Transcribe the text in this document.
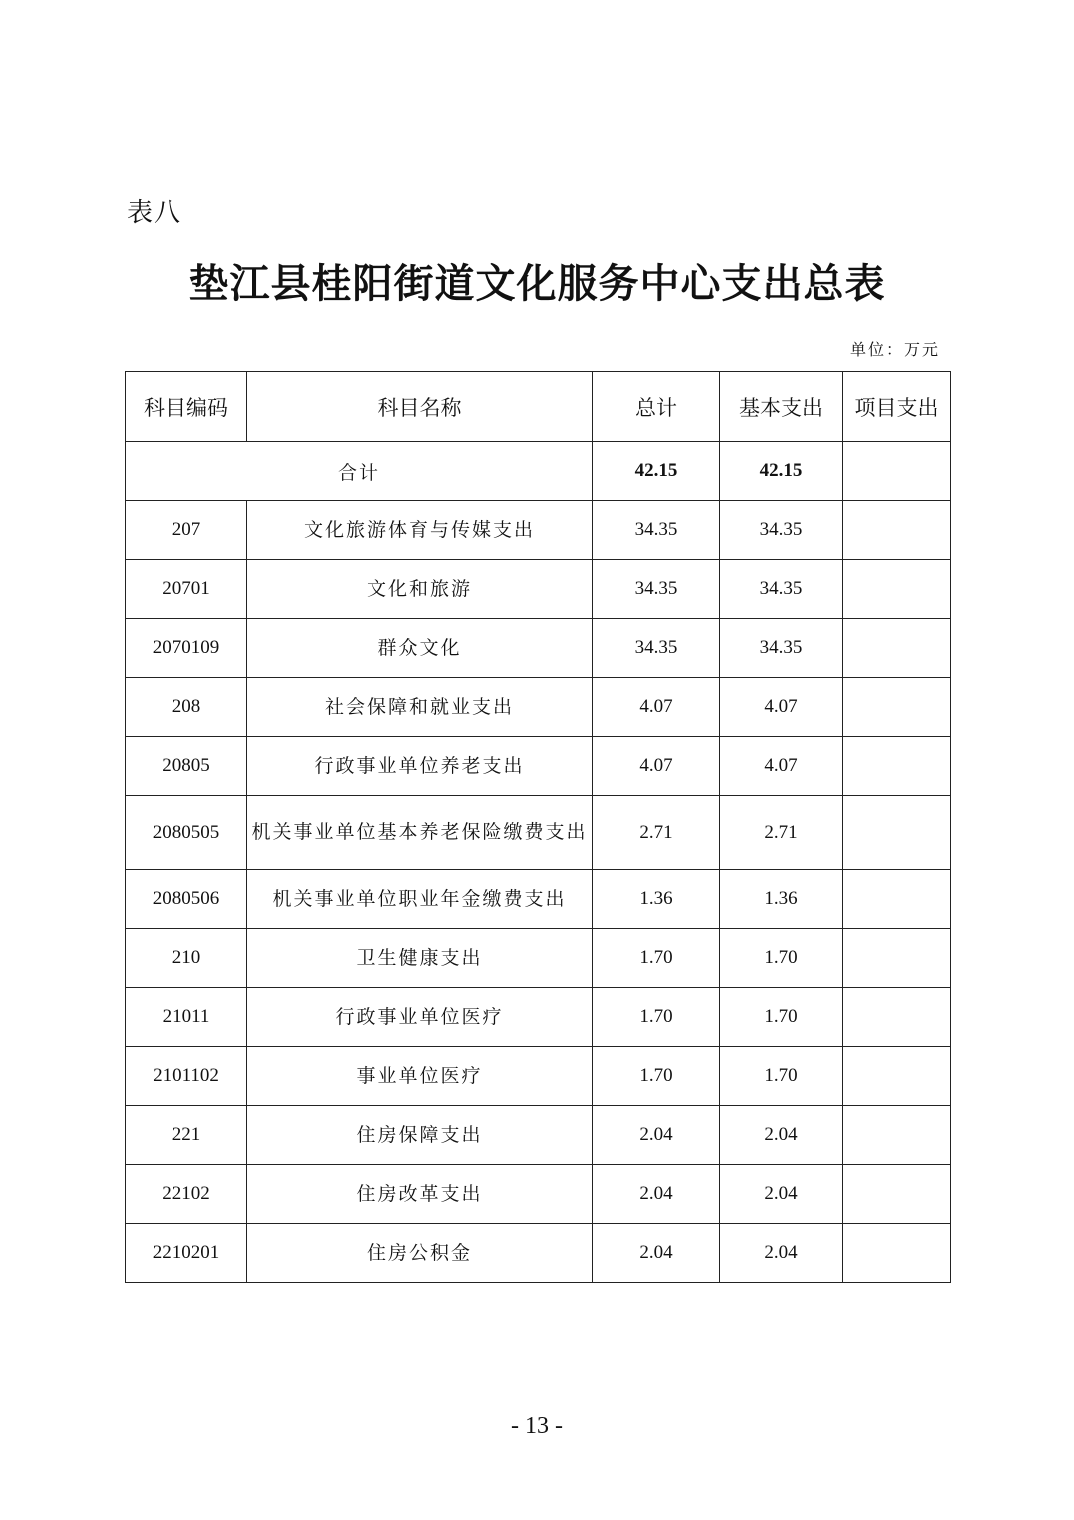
表八
垫江县桂阳街道文化服务中心支出总表
单位：万元
科目编码	科目名称	总计	基本支出	项目支出
合计		42.15	42.15	
207	文化旅游体育与传媒支出	34.35	34.35	
20701	文化和旅游	34.35	34.35	
2070109	群众文化	34.35	34.35	
208	社会保障和就业支出	4.07	4.07	
20805	行政事业单位养老支出	4.07	4.07	
2080505	机关事业单位基本养老保险缴费支出	2.71	2.71	
2080506	机关事业单位职业年金缴费支出	1.36	1.36	
210	卫生健康支出	1.70	1.70	
21011	行政事业单位医疗	1.70	1.70	
2101102	事业单位医疗	1.70	1.70	
221	住房保障支出	2.04	2.04	
22102	住房改革支出	2.04	2.04	
2210201	住房公积金	2.04	2.04	
- 13 -
